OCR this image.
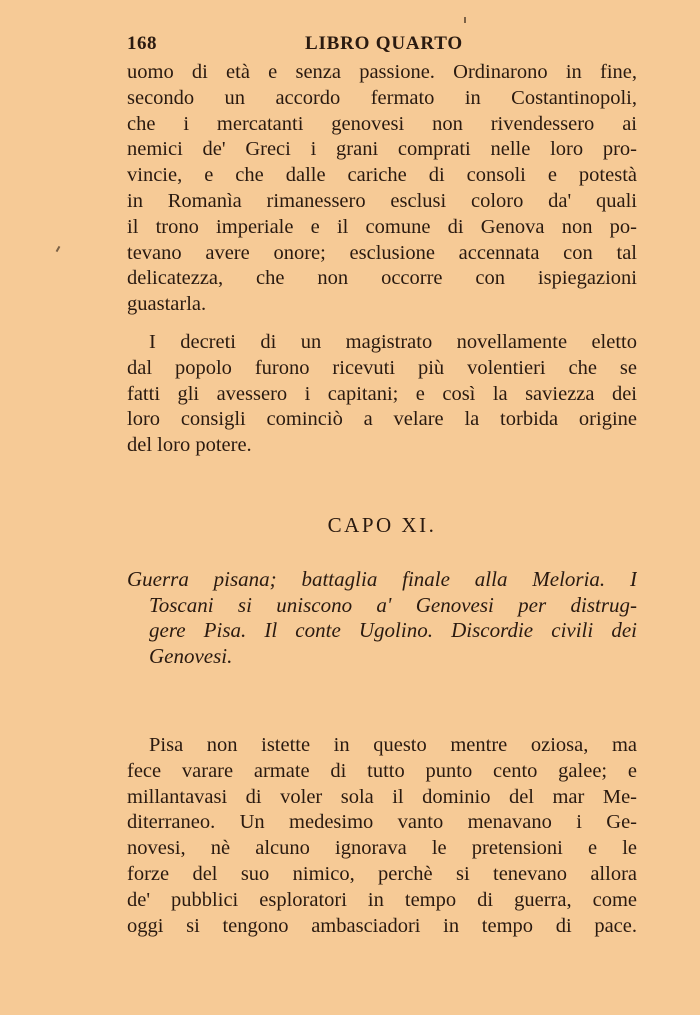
168	LIBRO QUARTO
uomo di età e senza passione. Ordinarono in fine,
secondo un accordo fermato in Costantinopoli,
che i mercatanti genovesi non rivendessero ai
nemici de' Greci i grani comprati nelle loro pro-
vincie, e che dalle cariche di consoli e potestà
in Romanìa rimanessero esclusi coloro da' quali
il trono imperiale e il comune di Genova non po-
tevano avere onore; esclusione accennata con tal
delicatezza, che non occorre con ispiegazioni
guastarla.
I decreti di un magistrato novellamente eletto
dal popolo furono ricevuti più volentieri che se
fatti gli avessero i capitani; e così la saviezza dei
loro consigli cominciò a velare la torbida origine
del loro potere.
CAPO XI.
Guerra pisana; battaglia finale alla Meloria. I
Toscani si uniscono a' Genovesi per distrug-
gere Pisa. Il conte Ugolino. Discordie civili dei
Genovesi.
Pisa non istette in questo mentre oziosa, ma
fece varare armate di tutto punto cento galee; e
millantavasi di voler sola il dominio del mar Me-
diterraneo. Un medesimo vanto menavano i Ge-
novesi, nè alcuno ignorava le pretensioni e le
forze del suo nimico, perchè si tenevano allora
de' pubblici esploratori in tempo di guerra, come
oggi si tengono ambasciadori in tempo di pace.
